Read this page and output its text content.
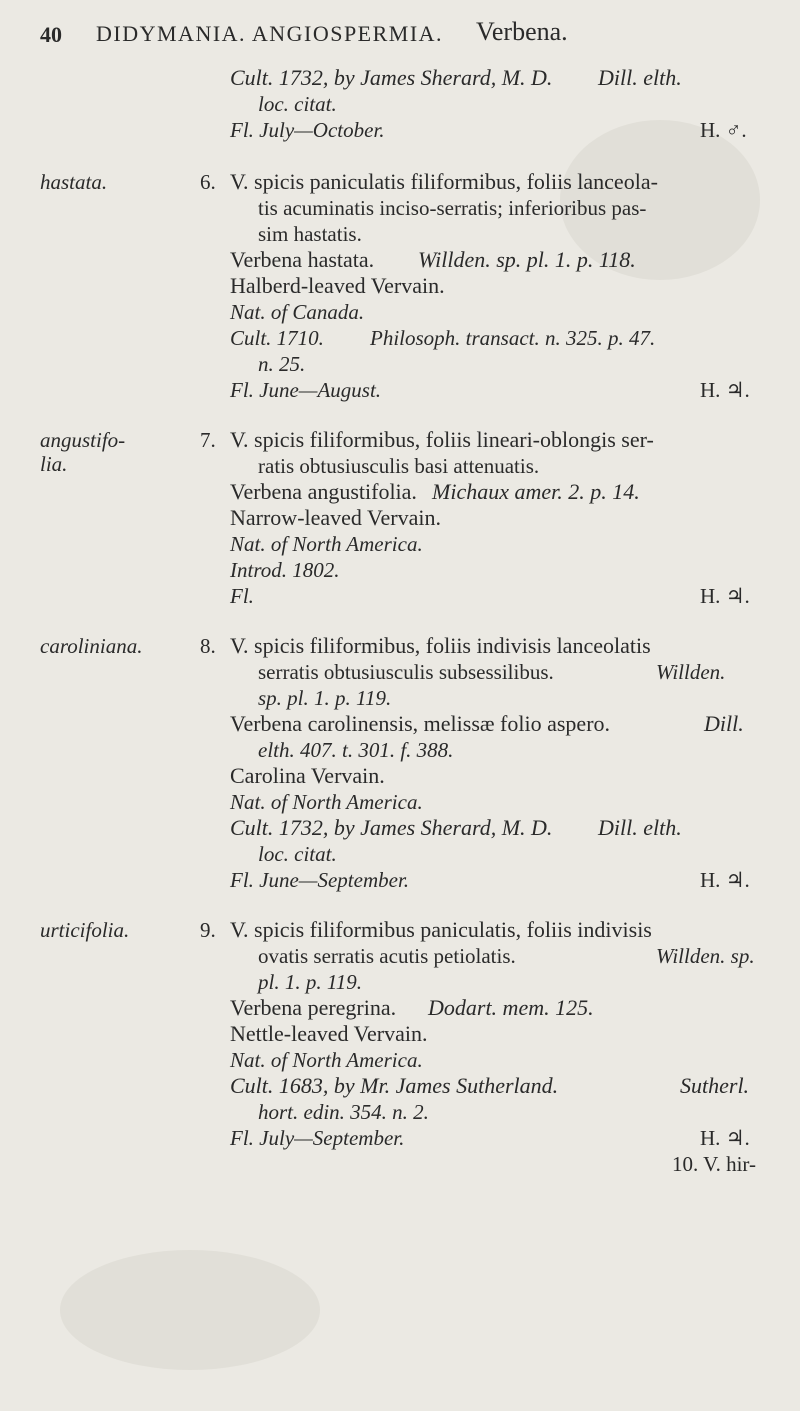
40 DIDYMANIA. ANGIOSPERMIA. Verbena.
Cult. 1732, by James Sherard, M. D. Dill. elth.
loc. citat.
Fl. July—October.	H. ♂.
hastata.	6. V. spicis paniculatis filiformibus, foliis lanceola-
tis acuminatis inciso-serratis; inferioribus pas-
sim hastatis.
Verbena hastata. Willden. sp. pl. 1. p. 118.
Halberd-leaved Vervain.
Nat. of Canada.
Cult. 1710. Philosoph. transact. n. 325. p. 47.
n. 25.
Fl. June—August.	H. ♃.
angustifo-
lia.
7. V. spicis filiformibus, foliis lineari-oblongis ser-
ratis obtusiusculis basi attenuatis.
Verbena angustifolia. Michaux amer. 2. p. 14.
Narrow-leaved Vervain.
Nat. of North America.
Introd. 1802.
Fl.	H. ♃.
caroliniana.	8. V. spicis filiformibus, foliis indivisis lanceolatis
serratis obtusiusculis subsessilibus.	Willden.
sp. pl. 1. p. 119.
Verbena carolinensis, melissæ folio aspero.	Dill.
elth. 407. t. 301. f. 388.
Carolina Vervain.
Nat. of North America.
Cult. 1732, by James Sherard, M. D. Dill. elth.
loc. citat.
Fl. June—September.	H. ♃.
urticifolia.	9. V. spicis filiformibus paniculatis, foliis indivisis
ovatis serratis acutis petiolatis.	Willden. sp.
pl. 1. p. 119.
Verbena peregrina. Dodart. mem. 125.
Nettle-leaved Vervain.
Nat. of North America.
Cult. 1683, by Mr. James Sutherland.	Sutherl.
hort. edin. 354. n. 2.
Fl. July—September.	H. ♃.
10. V. hir-
